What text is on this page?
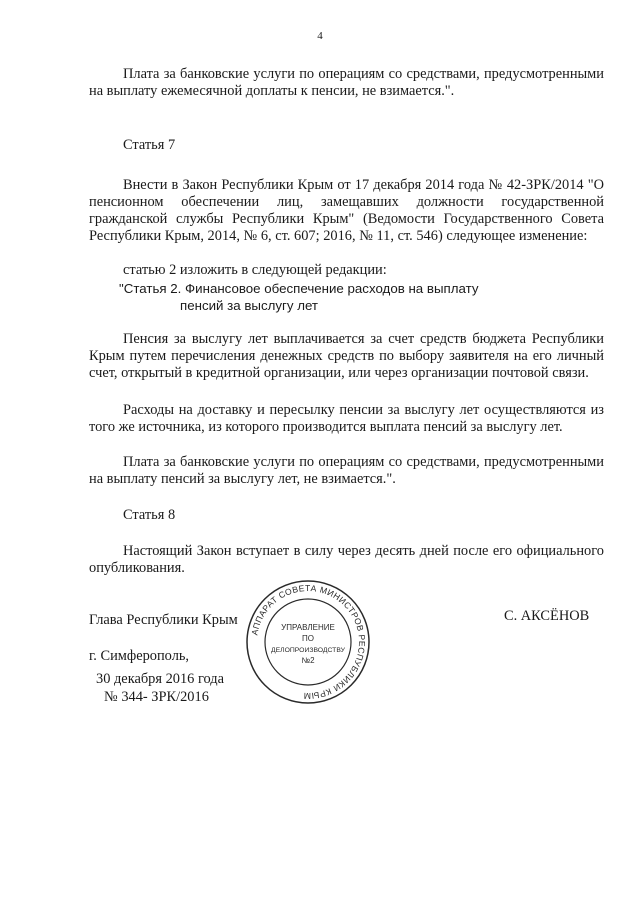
4

Плата за банковские услуги по операциям со средствами, предусмотренными на выплату ежемесячной доплаты к пенсии, не взимается.".

Статья 7

Внести в Закон Республики Крым от 17 декабря 2014 года № 42-ЗРК/2014 "О пенсионном обеспечении лиц, замещавших должности государственной гражданской службы Республики Крым" (Ведомости Государственного Совета Республики Крым, 2014, № 6, ст. 607; 2016, № 11, ст. 546) следующее изменение:

статью 2 изложить в следующей редакции:

"Статья 2. Финансовое обеспечение расходов на выплату

пенсий за выслугу лет

Пенсия за выслугу лет выплачивается за счет средств бюджета Республики Крым путем перечисления денежных средств по выбору заявителя на его личный счет, открытый в кредитной организации, или через организации почтовой связи.

Расходы на доставку и пересылку пенсии за выслугу лет осуществляются из того же источника, из которого производится выплата пенсий за выслугу лет.

Плата за банковские услуги по операциям со средствами, предусмотренными на выплату пенсий за выслугу лет, не взимается.".

Статья 8

Настоящий Закон вступает в силу через десять дней после его официального опубликования.

Глава Республики Крым	С. АКСЁНОВ

г. Симферополь,

30 декабря 2016 года

№ 344- ЗРК/2016

АППАРАТ СОВЕТА МИНИСТРОВ РЕСПУБЛИКИ КРЫМ
УПРАВЛЕНИЕ
ПО
ДЕЛОПРОИЗВОДСТВУ
№2
